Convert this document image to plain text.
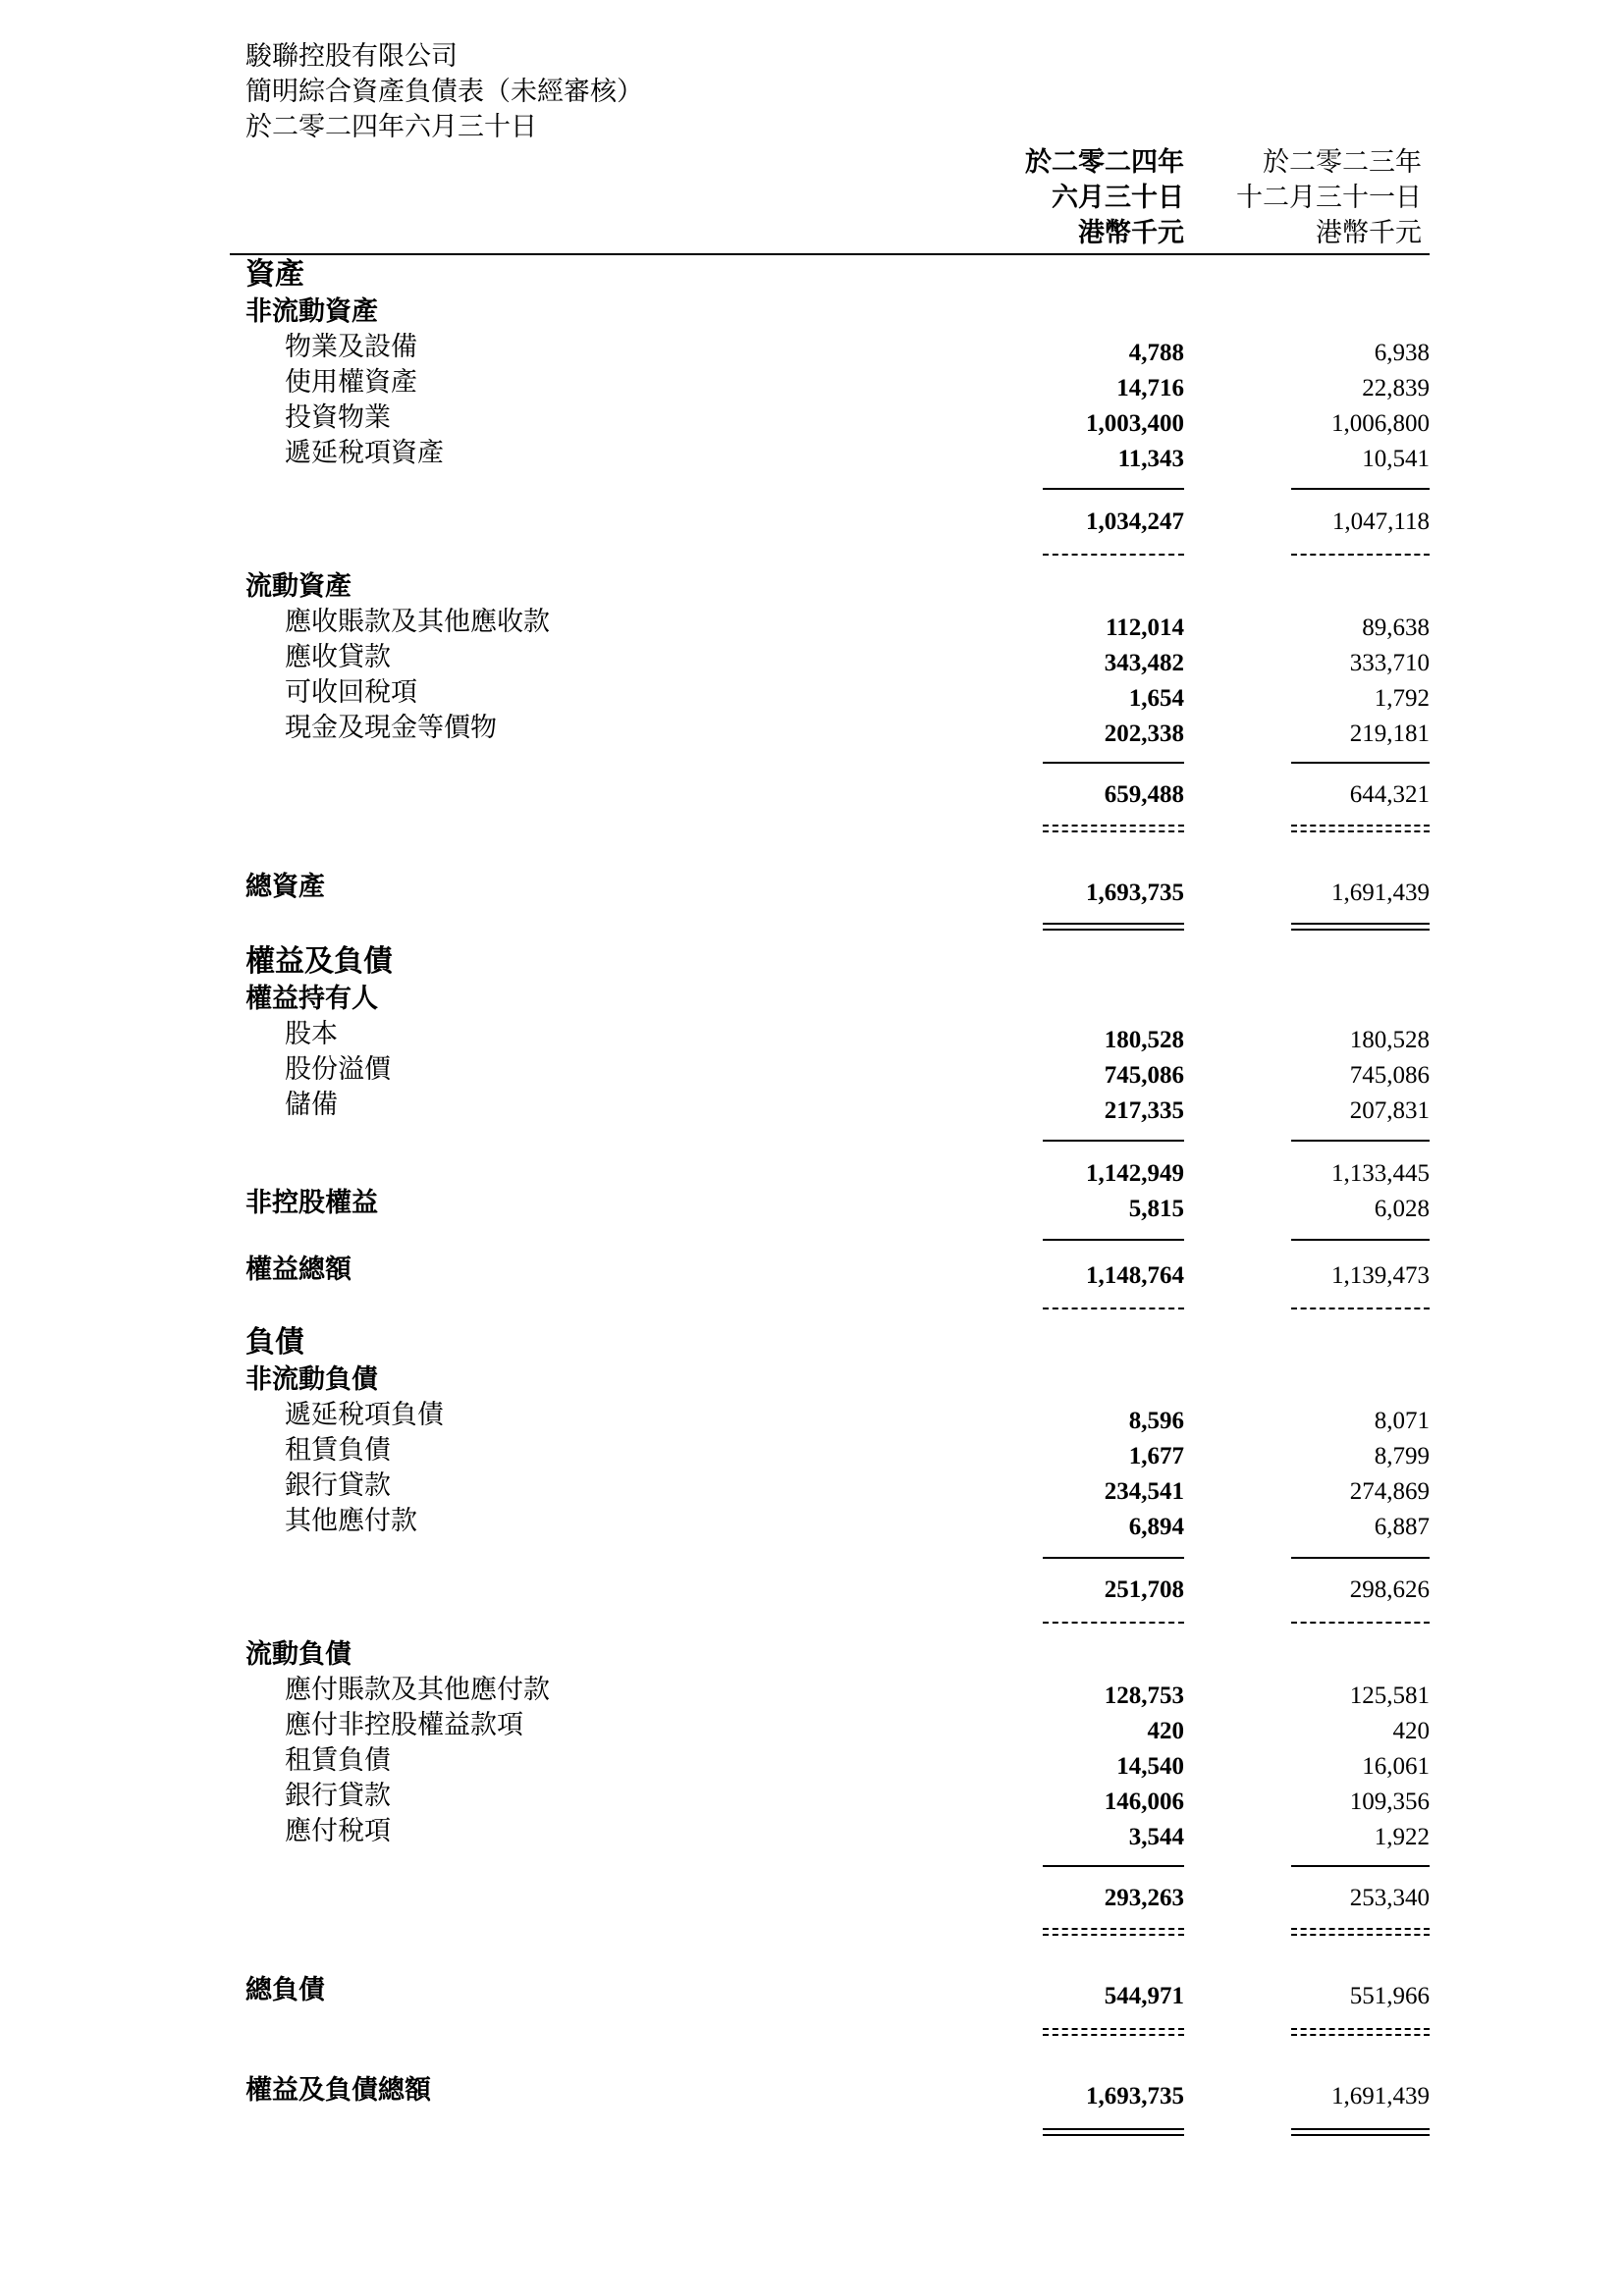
駿聯控股有限公司
簡明綜合資產負債表（未經審核）
於二零二四年六月三十日
於二零二四年
六月三十日
港幣千元
於二零二三年
十二月三十一日
港幣千元
資產
非流動資產
物業及設備	4,788	6,938
使用權資產	14,716	22,839
投資物業	1,003,400	1,006,800
遞延稅項資產	11,343	10,541
1,034,247	1,047,118
流動資產
應收賬款及其他應收款	112,014	89,638
應收貸款	343,482	333,710
可收回稅項	1,654	1,792
現金及現金等價物	202,338	219,181
659,488	644,321
總資產	1,693,735	1,691,439
權益及負債
權益持有人
股本	180,528	180,528
股份溢價	745,086	745,086
儲備	217,335	207,831
1,142,949	1,133,445
非控股權益	5,815	6,028
權益總額	1,148,764	1,139,473
負債
非流動負債
遞延稅項負債	8,596	8,071
租賃負債	1,677	8,799
銀行貸款	234,541	274,869
其他應付款	6,894	6,887
251,708	298,626
流動負債
應付賬款及其他應付款	128,753	125,581
應付非控股權益款項	420	420
租賃負債	14,540	16,061
銀行貸款	146,006	109,356
應付稅項	3,544	1,922
293,263	253,340
總負債	544,971	551,966
權益及負債總額	1,693,735	1,691,439
